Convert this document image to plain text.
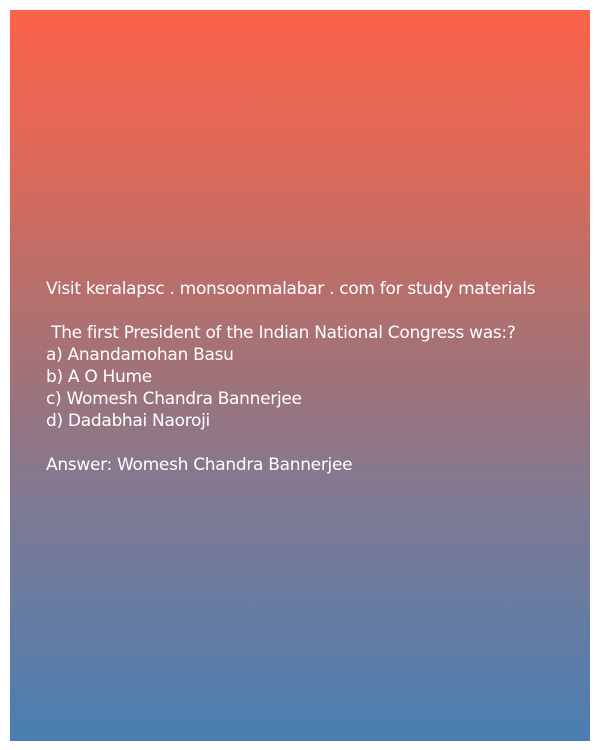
Visit keralapsc . monsoonmalabar . com for study materials
The first President of the Indian National Congress was:?
a) Anandamohan Basu
b) A O Hume
c) Womesh Chandra Bannerjee
d) Dadabhai Naoroji
Answer: Womesh Chandra Bannerjee
